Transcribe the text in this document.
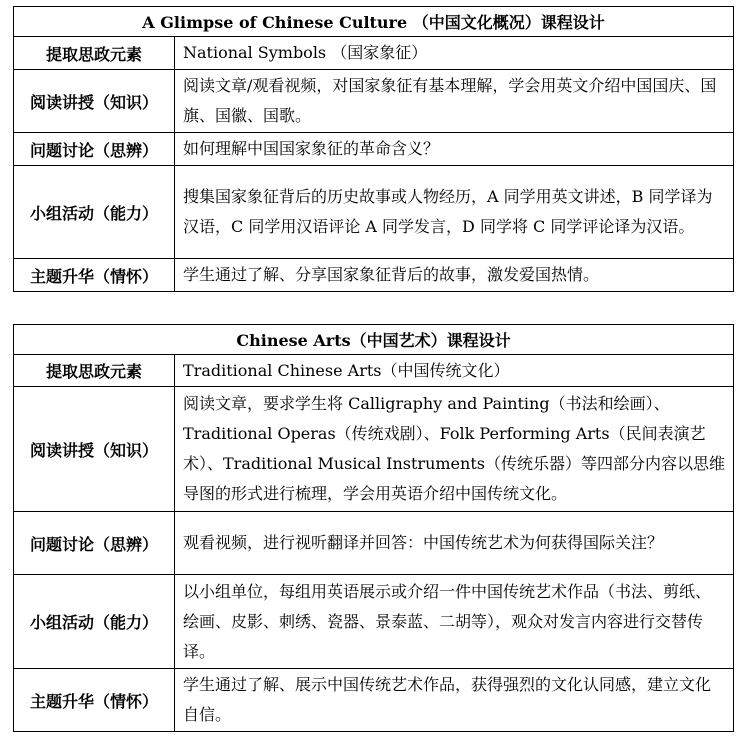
A Glimpse of Chinese Culture （中国文化概况）课程设计	
提取思政元素	National Symbols （国家象征）
阅读讲授（知识）	阅读文章/观看视频，对国家象征有基本理解，学会用英文介绍中国国庆、国旗、国徽、国歌。
问题讨论（思辨）	如何理解中国国家象征的革命含义？
小组活动（能力）	搜集国家象征背后的历史故事或人物经历，A 同学用英文讲述，B 同学译为汉语，C 同学用汉语评论 A 同学发言，D 同学将 C 同学评论译为汉语。
主题升华（情怀）	学生通过了解、分享国家象征背后的故事，激发爱国热情。
Chinese Arts（中国艺术）课程设计	
提取思政元素	Traditional Chinese Arts（中国传统文化）
阅读讲授（知识）	阅读文章，要求学生将 Calligraphy and Painting（书法和绘画）、Traditional Operas（传统戏剧）、Folk Performing Arts（民间表演艺术）、Traditional Musical Instruments（传统乐器）等四部分内容以思维导图的形式进行梳理，学会用英语介绍中国传统文化。
问题讨论（思辨）	观看视频，进行视听翻译并回答：中国传统艺术为何获得国际关注？
小组活动（能力）	以小组单位，每组用英语展示或介绍一件中国传统艺术作品（书法、剪纸、绘画、皮影、刺绣、瓷器、景泰蓝、二胡等），观众对发言内容进行交替传译。
主题升华（情怀）	学生通过了解、展示中国传统艺术作品，获得强烈的文化认同感，建立文化自信。
